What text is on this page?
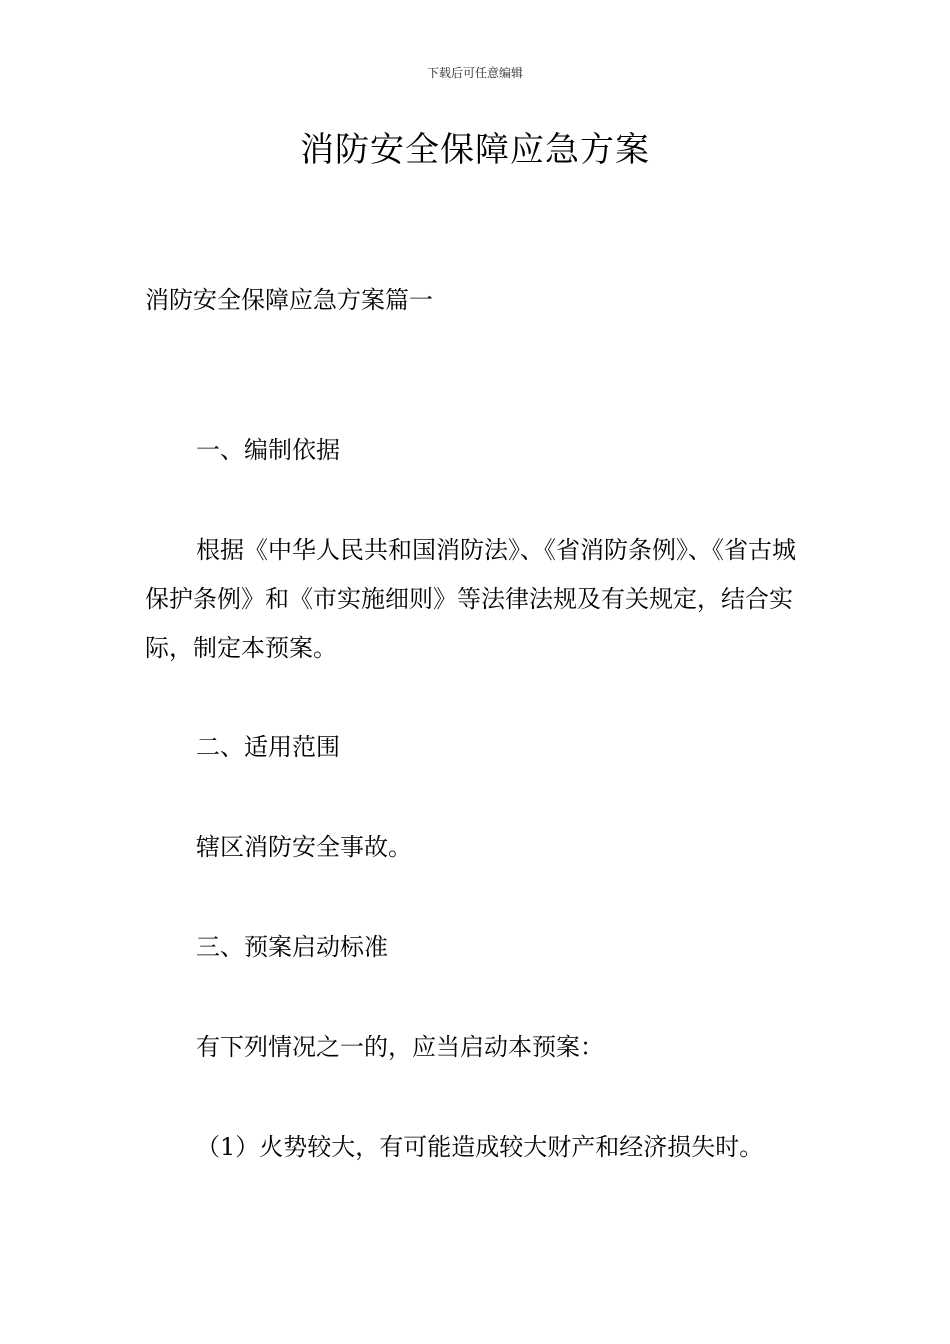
下载后可任意编辑
消防安全保障应急方案

消防安全保障应急方案篇一

一、编制依据

根据《中华人民共和国消防法》、《省消防条例》、《省古城保护条例》和《市实施细则》等法律法规及有关规定，结合实际，制定本预案。

二、适用范围

辖区消防安全事故。

三、预案启动标准

有下列情况之一的，应当启动本预案：

（1）火势较大，有可能造成较大财产和经济损失时。
